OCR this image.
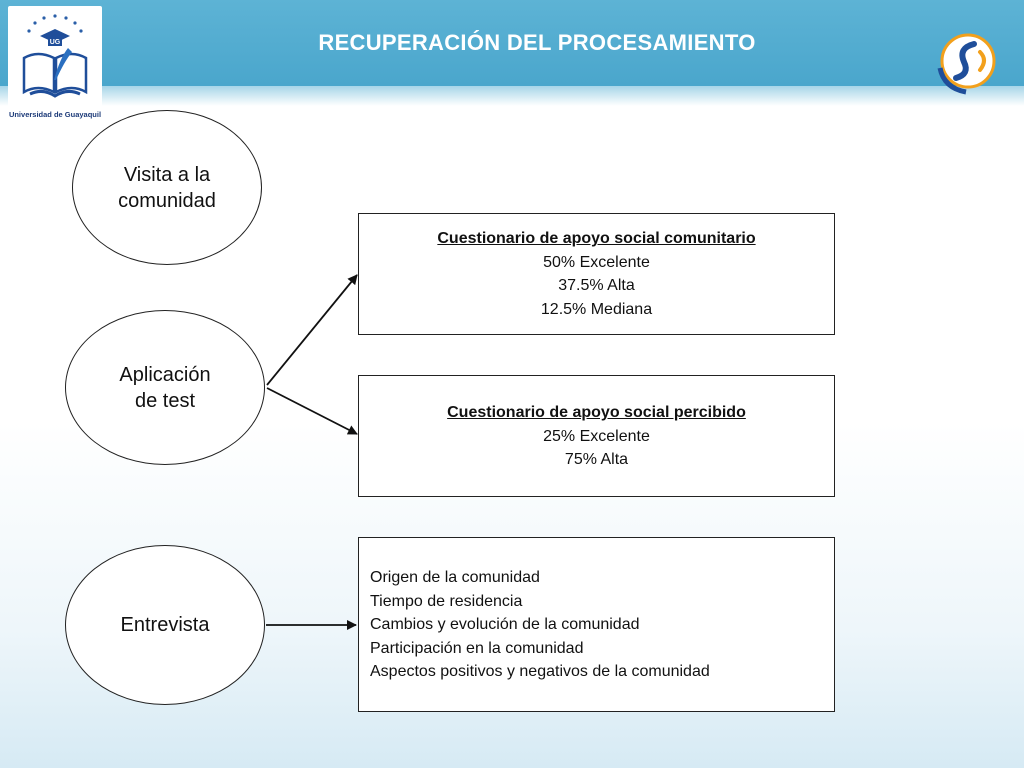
RECUPERACIÓN DEL PROCESAMIENTO
UG
Universidad de Guayaquil
Visita a la comunidad
Aplicación de test
Entrevista
Cuestionario de apoyo social comunitario
50% Excelente
37.5% Alta
12.5% Mediana
Cuestionario de apoyo social percibido
25% Excelente
75% Alta
Origen de la comunidad
Tiempo de residencia
Cambios y evolución de la comunidad
Participación en la comunidad
Aspectos positivos y negativos de la comunidad
